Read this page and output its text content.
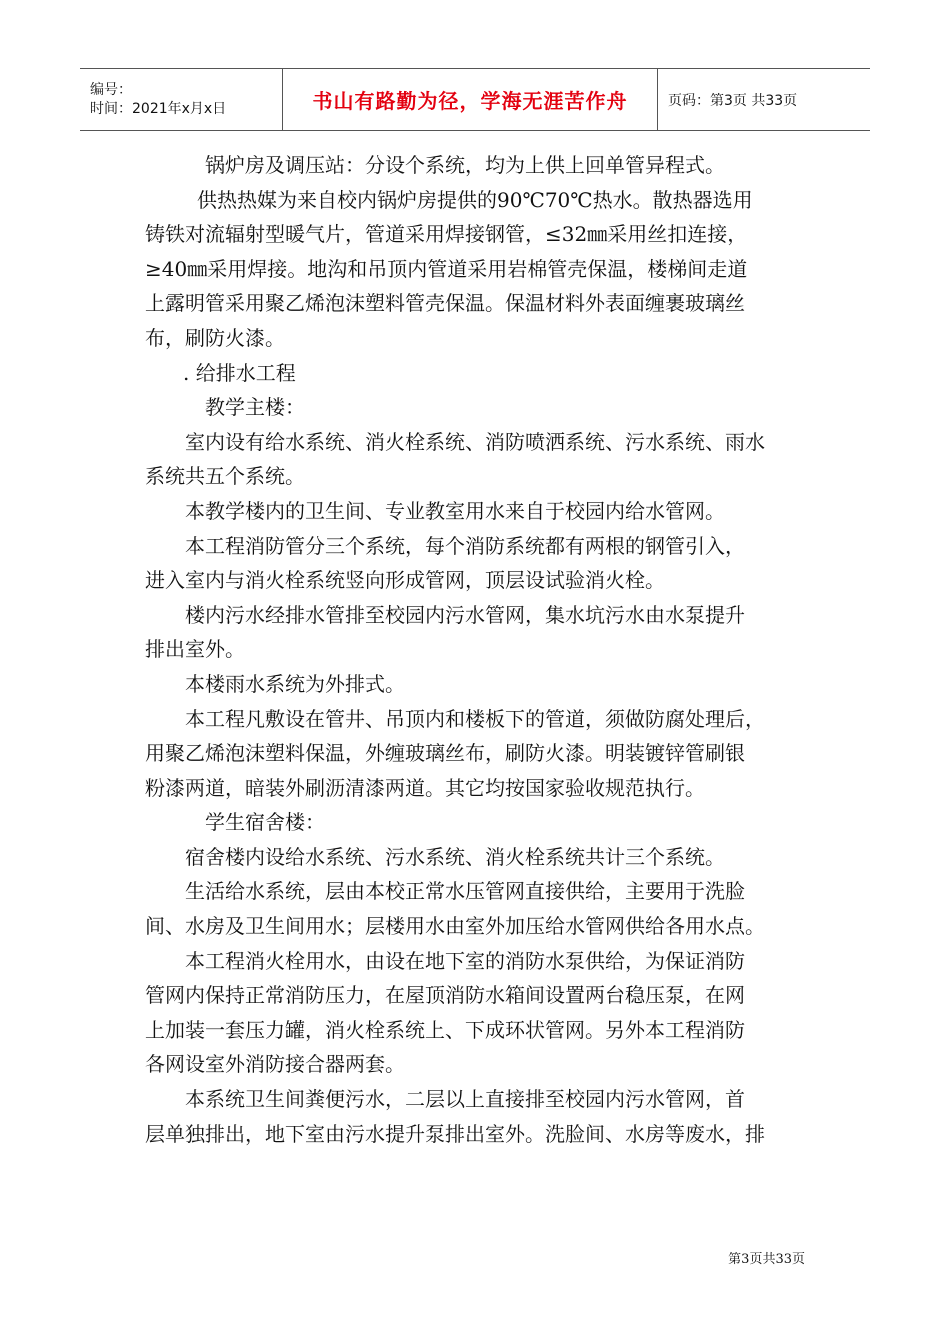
编号：
时间：2021年x月x日	书山有路勤为径，学海无涯苦作舟	页码：第3页 共33页

锅炉房及调压站：分设个系统，均为上供上回单管异程式。

供热热媒为来自校内锅炉房提供的90℃70℃热水。散热器选用

铸铁对流辐射型暖气片，管道采用焊接钢管，≤32㎜采用丝扣连接，

≥40㎜采用焊接。地沟和吊顶内管道采用岩棉管壳保温，楼梯间走道

上露明管采用聚乙烯泡沫塑料管壳保温。保温材料外表面缠裹玻璃丝

布，刷防火漆。

. 给排水工程

教学主楼：

室内设有给水系统、消火栓系统、消防喷洒系统、污水系统、雨水

系统共五个系统。

本教学楼内的卫生间、专业教室用水来自于校园内给水管网。

本工程消防管分三个系统，每个消防系统都有两根的钢管引入，

进入室内与消火栓系统竖向形成管网，顶层设试验消火栓。

楼内污水经排水管排至校园内污水管网，集水坑污水由水泵提升

排出室外。

本楼雨水系统为外排式。

本工程凡敷设在管井、吊顶内和楼板下的管道，须做防腐处理后，

用聚乙烯泡沫塑料保温，外缠玻璃丝布，刷防火漆。明装镀锌管刷银

粉漆两道，暗装外刷沥清漆两道。其它均按国家验收规范执行。

学生宿舍楼：

宿舍楼内设给水系统、污水系统、消火栓系统共计三个系统。

生活给水系统，层由本校正常水压管网直接供给，主要用于洗脸

间、水房及卫生间用水；层楼用水由室外加压给水管网供给各用水点。

本工程消火栓用水，由设在地下室的消防水泵供给，为保证消防

管网内保持正常消防压力，在屋顶消防水箱间设置两台稳压泵，在网

上加装一套压力罐，消火栓系统上、下成环状管网。另外本工程消防

各网设室外消防接合器两套。

本系统卫生间粪便污水，二层以上直接排至校园内污水管网，首

层单独排出，地下室由污水提升泵排出室外。洗脸间、水房等废水，排

第3页共33页
